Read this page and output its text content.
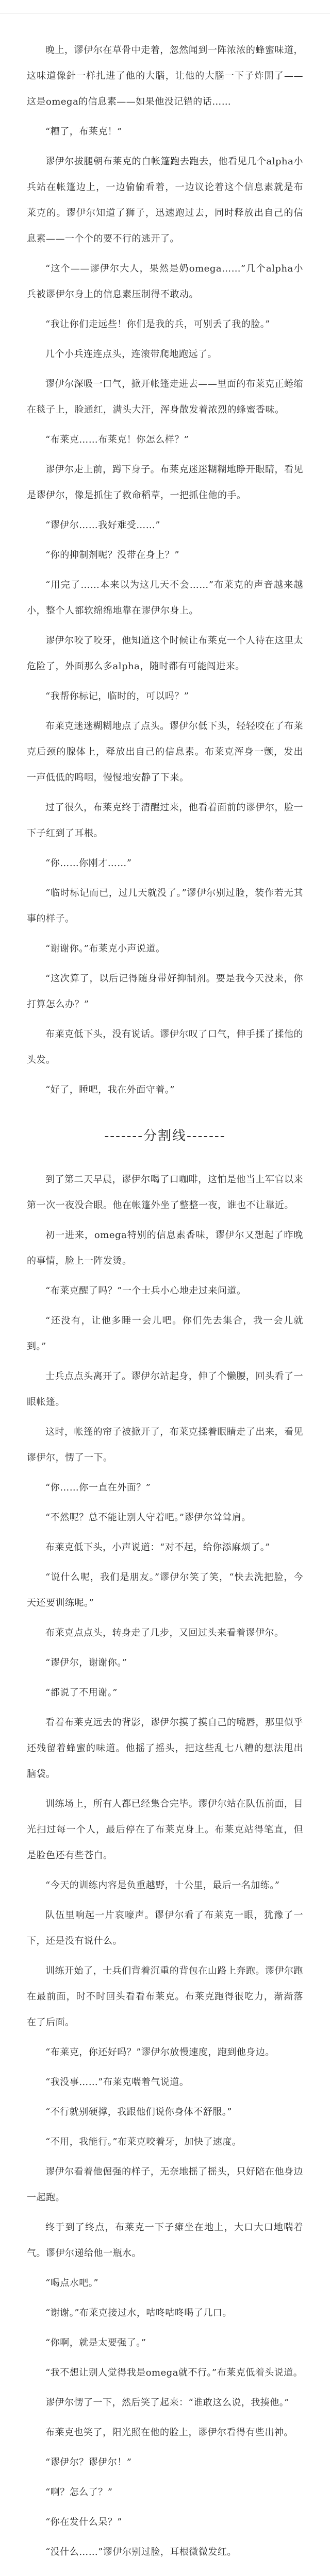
晚上，谬伊尔在草骨中走着，忽然闻到一阵浓浓的蜂蜜味道，这味道像針一样扎进了他的大腦，让他的大腦一下子炸開了——这是omega的信息素——如果他没记错的话……

“糟了，布莱克！”

谬伊尔拔腿朝布莱克的白帐篷跑去跑去，他看见几个alpha小兵站在帐篷边上，一边偷偷看着，一边议论着这个信息素就是布莱克的。谬伊尔知道了狮子，迅速跑过去，同时释放出自己的信息素——一个个的要不行的逃开了。

“这个——谬伊尔大人，果然是奶omega……”几个alpha小兵被谬伊尔身上的信息素压制得不敢动。

“我让你们走远些！你们是我的兵，可别丢了我的脸。”

几个小兵连连点头，连滚带爬地跑远了。

谬伊尔深吸一口气，掀开帐篷走进去——里面的布莱克正蜷缩在毯子上，脸通红，满头大汗，浑身散发着浓烈的蜂蜜香味。

“布莱克……布莱克！你怎么样？”

谬伊尔走上前，蹲下身子。布莱克迷迷糊糊地睁开眼睛，看见是谬伊尔，像是抓住了救命稻草，一把抓住他的手。

“谬伊尔……我好难受……”

“你的抑制剂呢？没带在身上？”

“用完了……本来以为这几天不会……”布莱克的声音越来越小，整个人都软绵绵地靠在谬伊尔身上。

谬伊尔咬了咬牙，他知道这个时候让布莱克一个人待在这里太危险了，外面那么多alpha，随时都有可能闯进来。

“我帮你标记，临时的，可以吗？”

布莱克迷迷糊糊地点了点头。谬伊尔低下头，轻轻咬在了布莱克后颈的腺体上，释放出自己的信息素。布莱克浑身一颤，发出一声低低的呜咽，慢慢地安静了下来。

过了很久，布莱克终于清醒过来，他看着面前的谬伊尔，脸一下子红到了耳根。

“你……你刚才……”

“临时标记而已，过几天就没了。”谬伊尔别过脸，装作若无其事的样子。

“谢谢你。”布莱克小声说道。

“这次算了，以后记得随身带好抑制剂。要是我今天没来，你打算怎么办？”

布莱克低下头，没有说话。谬伊尔叹了口气，伸手揉了揉他的头发。

“好了，睡吧，我在外面守着。”

-------分割线-------

到了第二天早晨，谬伊尔喝了口咖啡，这怕是他当上军官以来第一次一夜没合眼。他在帐篷外坐了整整一夜，谁也不让靠近。

初一进来，omega特别的信息素香味，谬伊尔又想起了昨晚的事情，脸上一阵发烫。

“布莱克醒了吗？”一个士兵小心地走过来问道。

“还没有，让他多睡一会儿吧。你们先去集合，我一会儿就到。”

士兵点点头离开了。谬伊尔站起身，伸了个懒腰，回头看了一眼帐篷。

这时，帐篷的帘子被掀开了，布莱克揉着眼睛走了出来，看见谬伊尔，愣了一下。

“你……你一直在外面？”

“不然呢？总不能让别人守着吧。”谬伊尔耸耸肩。

布莱克低下头，小声说道：“对不起，给你添麻烦了。”

“说什么呢，我们是朋友。”谬伊尔笑了笑，“快去洗把脸，今天还要训练呢。”

布莱克点点头，转身走了几步，又回过头来看着谬伊尔。

“谬伊尔，谢谢你。”

“都说了不用谢。”

看着布莱克远去的背影，谬伊尔摸了摸自己的嘴唇，那里似乎还残留着蜂蜜的味道。他摇了摇头，把这些乱七八糟的想法甩出脑袋。

训练场上，所有人都已经集合完毕。谬伊尔站在队伍前面，目光扫过每一个人，最后停在了布莱克身上。布莱克站得笔直，但是脸色还有些苍白。

“今天的训练内容是负重越野，十公里，最后一名加练。”

队伍里响起一片哀嚎声。谬伊尔看了布莱克一眼，犹豫了一下，还是没有说什么。

训练开始了，士兵们背着沉重的背包在山路上奔跑。谬伊尔跑在最前面，时不时回头看看布莱克。布莱克跑得很吃力，渐渐落在了后面。

“布莱克，你还好吗？”谬伊尔放慢速度，跑到他身边。

“我没事……”布莱克喘着气说道。

“不行就别硬撑，我跟他们说你身体不舒服。”

“不用，我能行。”布莱克咬着牙，加快了速度。

谬伊尔看着他倔强的样子，无奈地摇了摇头，只好陪在他身边一起跑。

终于到了终点，布莱克一下子瘫坐在地上，大口大口地喘着气。谬伊尔递给他一瓶水。

“喝点水吧。”

“谢谢。”布莱克接过水，咕咚咕咚喝了几口。

“你啊，就是太要强了。”

“我不想让别人觉得我是omega就不行。”布莱克低着头说道。

谬伊尔愣了一下，然后笑了起来：“谁敢这么说，我揍他。”

布莱克也笑了，阳光照在他的脸上，谬伊尔看得有些出神。

“谬伊尔？谬伊尔！”

“啊？怎么了？”

“你在发什么呆？”

“没什么……”谬伊尔别过脸，耳根微微发红。
